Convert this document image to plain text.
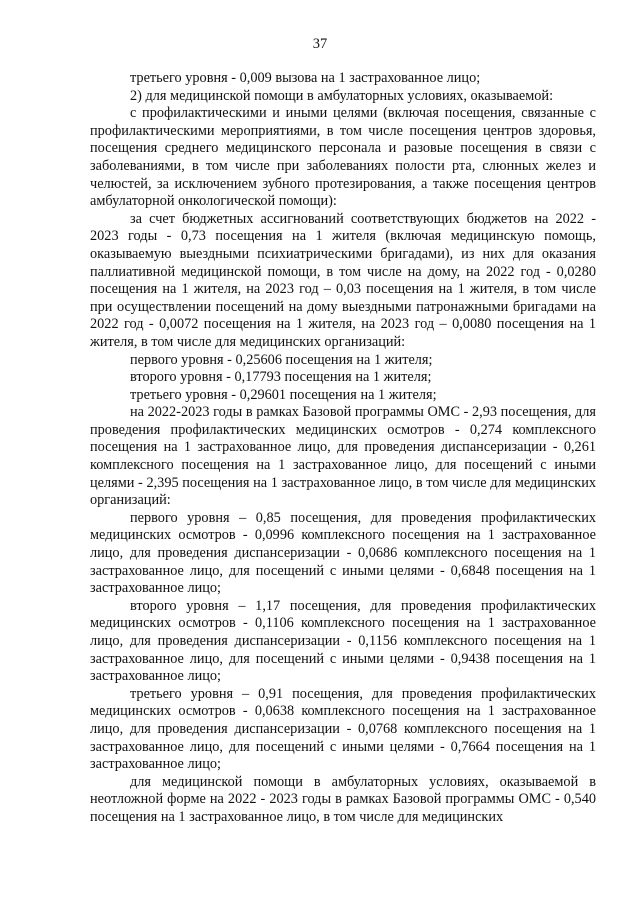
37

третьего уровня - 0,009 вызова на 1 застрахованное лицо;

2) для медицинской помощи в амбулаторных условиях, оказываемой:

с профилактическими и иными целями (включая посещения, связанные с профилактическими мероприятиями, в том числе посещения центров здоровья, посещения среднего медицинского персонала и разовые посещения в связи с заболеваниями, в том числе при заболеваниях полости рта, слюнных желез и челюстей, за исключением зубного протезирования, а также посещения центров амбулаторной онкологической помощи):

за счет бюджетных ассигнований соответствующих бюджетов на 2022 - 2023 годы - 0,73 посещения на 1 жителя (включая медицинскую помощь, оказываемую выездными психиатрическими бригадами), из них для оказания паллиативной медицинской помощи, в том числе на дому, на 2022 год - 0,0280 посещения на 1 жителя, на 2023 год – 0,03 посещения на 1 жителя, в том числе при осуществлении посещений на дому выездными патронажными бригадами на 2022 год - 0,0072 посещения на 1 жителя, на 2023 год – 0,0080 посещения на 1 жителя, в том числе для медицинских организаций:

первого уровня - 0,25606 посещения на 1 жителя;

второго уровня - 0,17793 посещения на 1 жителя;

третьего уровня - 0,29601 посещения на 1 жителя;

на 2022-2023 годы в рамках Базовой программы ОМС - 2,93 посещения, для проведения профилактических медицинских осмотров - 0,274 комплексного посещения на 1 застрахованное лицо, для проведения диспансеризации - 0,261 комплексного посещения на 1 застрахованное лицо, для посещений с иными целями - 2,395 посещения на 1 застрахованное лицо, в том числе для медицинских организаций:

первого уровня – 0,85 посещения, для проведения профилактических медицинских осмотров - 0,0996 комплексного посещения на 1 застрахованное лицо, для проведения диспансеризации - 0,0686 комплексного посещения на 1 застрахованное лицо, для посещений с иными целями - 0,6848 посещения на 1 застрахованное лицо;

второго уровня – 1,17 посещения, для проведения профилактических медицинских осмотров - 0,1106 комплексного посещения на 1 застрахованное лицо, для проведения диспансеризации - 0,1156 комплексного посещения на 1 застрахованное лицо, для посещений с иными целями - 0,9438 посещения на 1 застрахованное лицо;

третьего уровня – 0,91 посещения, для проведения профилактических медицинских осмотров - 0,0638 комплексного посещения на 1 застрахованное лицо, для проведения диспансеризации - 0,0768 комплексного посещения на 1 застрахованное лицо, для посещений с иными целями - 0,7664 посещения на 1 застрахованное лицо;

для медицинской помощи в амбулаторных условиях, оказываемой в неотложной форме на 2022 - 2023 годы в рамках Базовой программы ОМС - 0,540 посещения на 1 застрахованное лицо, в том числе для медицинских
